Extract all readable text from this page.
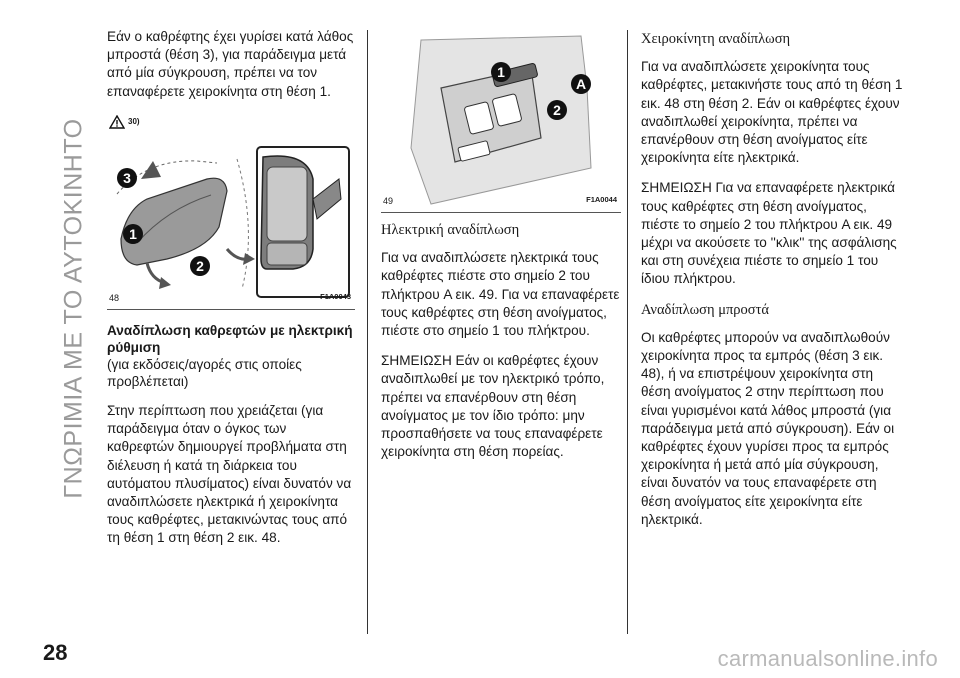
ΓΝΩΡΙΜΙΑ ΜΕ ΤΟ ΑΥΤΟΚΙΝΗΤΟ

Εάν ο καθρέφτης έχει γυρίσει κατά λάθος μπροστά (θέση 3), για παράδειγμα μετά από μία σύγκρουση, πρέπει να τον επαναφέρετε χειροκίνητα στη θέση 1.

30)
3
1
2
48	F1A0043

Αναδίπλωση καθρεφτών με ηλεκτρική ρύθμιση

(για εκδόσεις/αγορές στις οποίες προβλέπεται)

Στην περίπτωση που χρειάζεται (για παράδειγμα όταν ο όγκος των καθρεφτών δημιουργεί προβλήματα στη διέλευση ή κατά τη διάρκεια του αυτόματου πλυσίματος) είναι δυνατόν να αναδιπλώσετε ηλεκτρικά ή χειροκίνητα τους καθρέφτες, μετακινώντας τους από τη θέση 1 στη θέση 2 εικ. 48.

1
A
2
49	F1A0044

Ηλεκτρική αναδίπλωση

Για να αναδιπλώσετε ηλεκτρικά τους καθρέφτες πιέστε στο σημείο 2 του πλήκτρου A εικ. 49. Για να επαναφέρετε τους καθρέφτες στη θέση ανοίγματος, πιέστε στο σημείο 1 του πλήκτρου.

ΣΗΜΕΙΩΣΗ Εάν οι καθρέφτες έχουν αναδιπλωθεί με τον ηλεκτρικό τρόπο, πρέπει να επανέρθουν στη θέση ανοίγματος με τον ίδιο τρόπο: μην προσπαθήσετε να τους επαναφέρετε χειροκίνητα στη θέση πορείας.

Χειροκίνητη αναδίπλωση

Για να αναδιπλώσετε χειροκίνητα τους καθρέφτες, μετακινήστε τους από τη θέση 1 εικ. 48 στη θέση 2. Εάν οι καθρέφτες έχουν αναδιπλωθεί χειροκίνητα, πρέπει να επανέρθουν στη θέση ανοίγματος είτε χειροκίνητα είτε ηλεκτρικά.

ΣΗΜΕΙΩΣΗ Για να επαναφέρετε ηλεκτρικά τους καθρέφτες στη θέση ανοίγματος, πιέστε το σημείο 2 του πλήκτρου A εικ. 49 μέχρι να ακούσετε το ''κλικ'' της ασφάλισης και στη συνέχεια πιέστε το σημείο 1 του ίδιου πλήκτρου.

Αναδίπλωση μπροστά

Οι καθρέφτες μπορούν να αναδιπλωθούν χειροκίνητα προς τα εμπρός (θέση 3 εικ. 48), ή να επιστρέψουν χειροκίνητα στη θέση ανοίγματος 2 στην περίπτωση που είναι γυρισμένοι κατά λάθος μπροστά (για παράδειγμα μετά από σύγκρουση). Εάν οι καθρέφτες έχουν γυρίσει προς τα εμπρός χειροκίνητα ή μετά από μία σύγκρουση, είναι δυνατόν να τους επαναφέρετε στη θέση ανοίγματος είτε χειροκίνητα είτε ηλεκτρικά.

28	carmanualsonline.info
